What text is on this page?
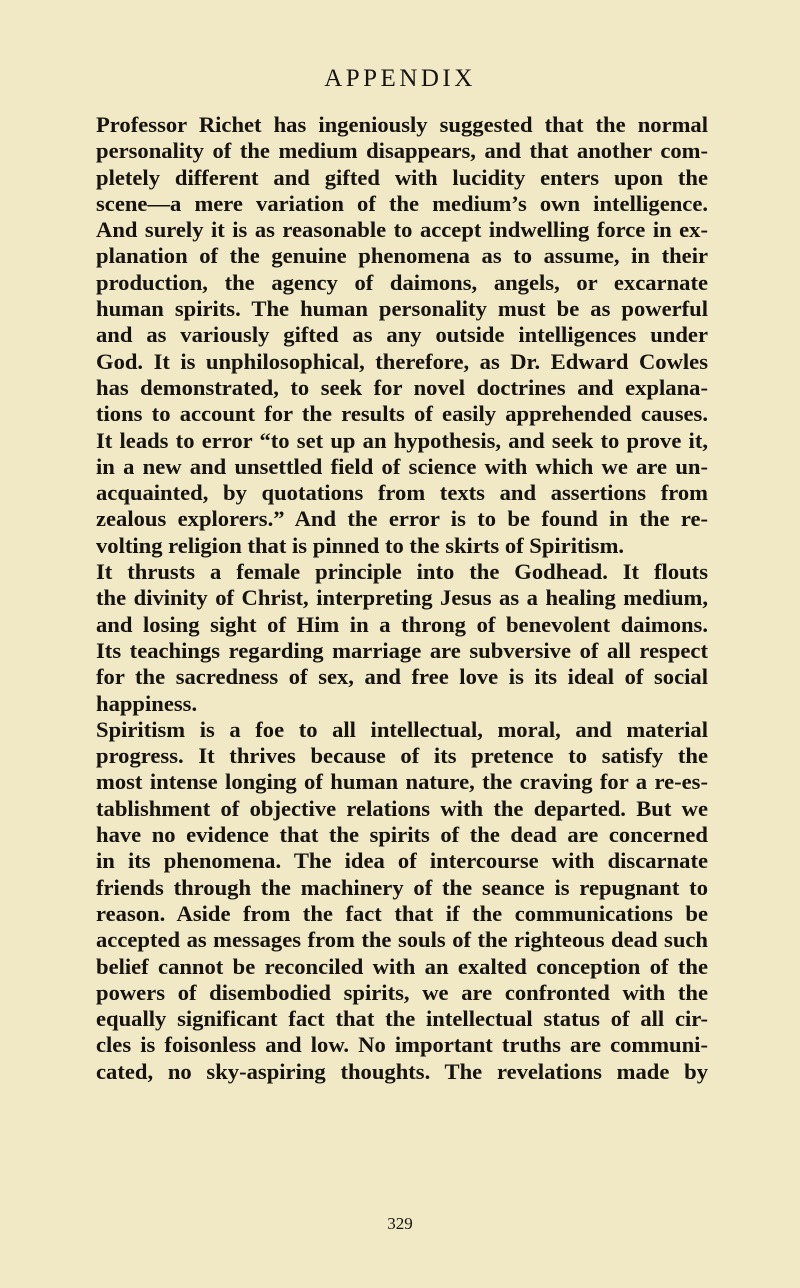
APPENDIX
Professor Richet has ingeniously suggested that the normal
personality of the medium disappears, and that another com-
pletely different and gifted with lucidity enters upon the
scene—a mere variation of the medium’s own intelligence.
And surely it is as reasonable to accept indwelling force in ex-
planation of the genuine phenomena as to assume, in their
production, the agency of daimons, angels, or excarnate
human spirits. The human personality must be as powerful
and as variously gifted as any outside intelligences under
God. It is unphilosophical, therefore, as Dr. Edward Cowles
has demonstrated, to seek for novel doctrines and explana-
tions to account for the results of easily apprehended causes.
It leads to error “to set up an hypothesis, and seek to prove it,
in a new and unsettled field of science with which we are un-
acquainted, by quotations from texts and assertions from
zealous explorers.” And the error is to be found in the re-
volting religion that is pinned to the skirts of Spiritism.
It thrusts a female principle into the Godhead. It flouts
the divinity of Christ, interpreting Jesus as a healing medium,
and losing sight of Him in a throng of benevolent daimons.
Its teachings regarding marriage are subversive of all respect
for the sacredness of sex, and free love is its ideal of social
happiness.
Spiritism is a foe to all intellectual, moral, and material
progress. It thrives because of its pretence to satisfy the
most intense longing of human nature, the craving for a re-es-
tablishment of objective relations with the departed. But we
have no evidence that the spirits of the dead are concerned
in its phenomena. The idea of intercourse with discarnate
friends through the machinery of the seance is repugnant to
reason. Aside from the fact that if the communications be
accepted as messages from the souls of the righteous dead such
belief cannot be reconciled with an exalted conception of the
powers of disembodied spirits, we are confronted with the
equally significant fact that the intellectual status of all cir-
cles is foisonless and low. No important truths are communi-
cated, no sky-aspiring thoughts. The revelations made by
329
